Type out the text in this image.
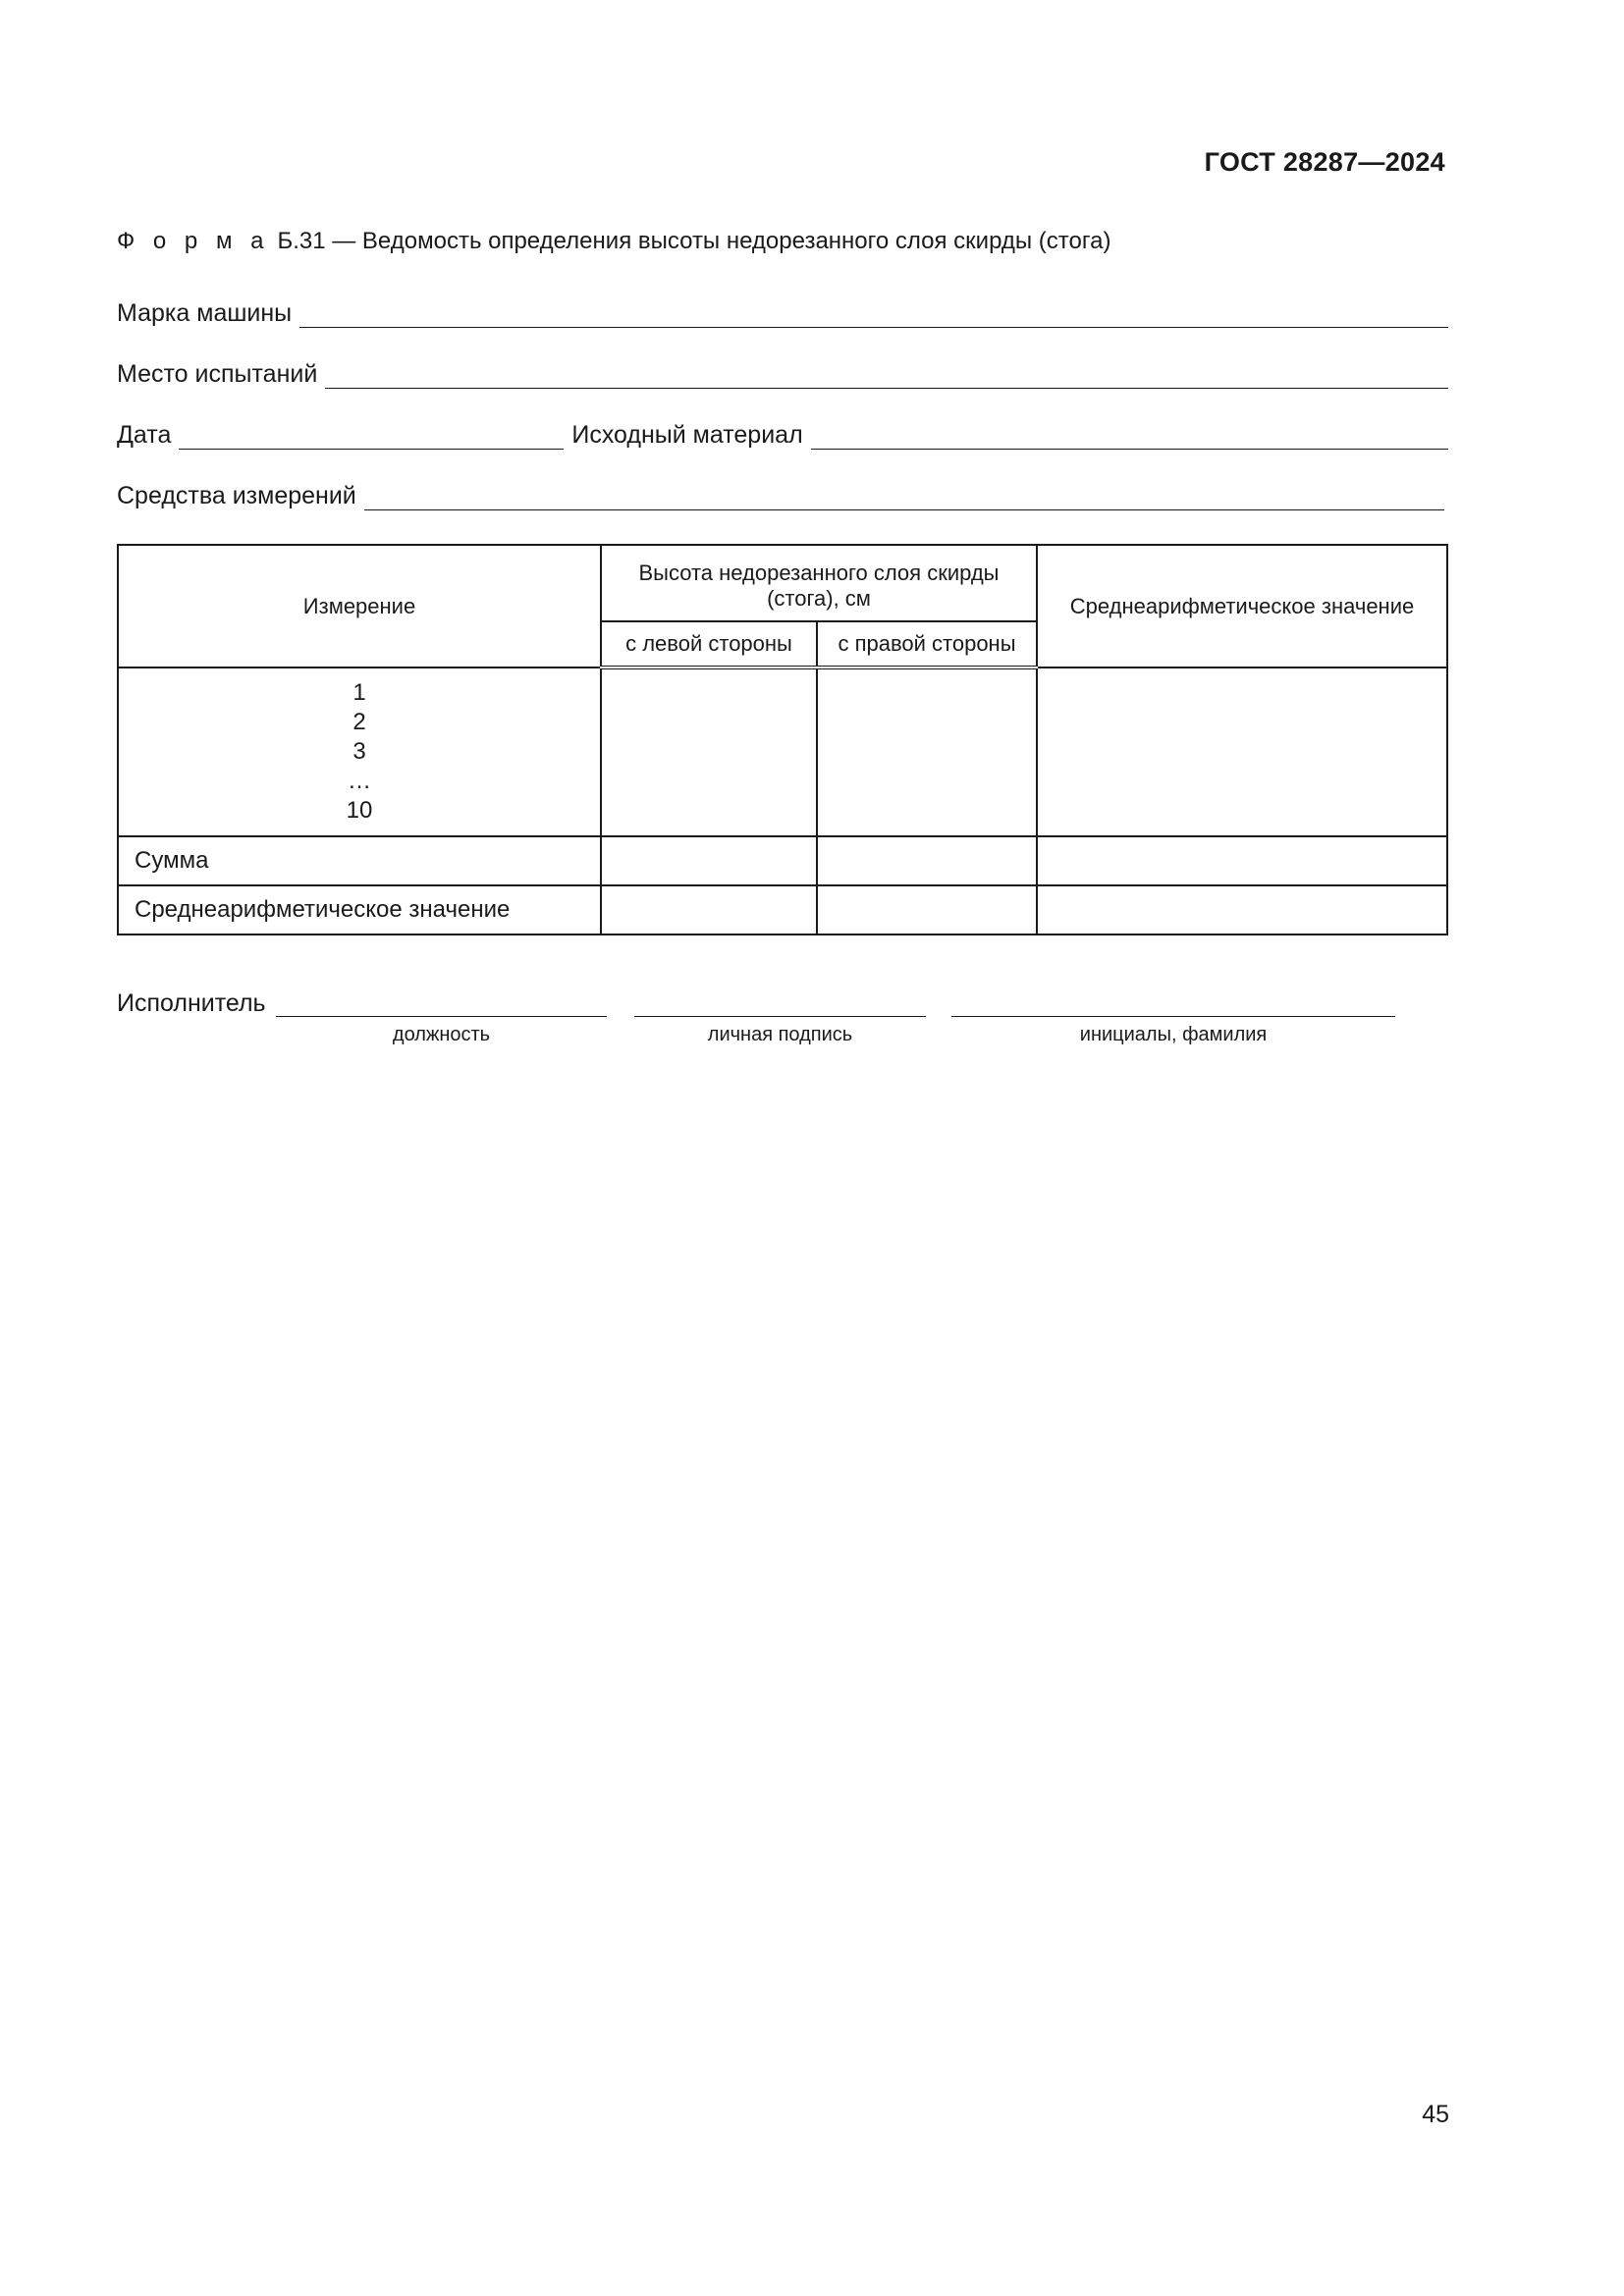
ГОСТ 28287—2024
Ф о р м а Б.31 — Ведомость определения высоты недорезанного слоя скирды (стога)
Марка машины
Место испытаний
Дата	Исходный материал
Средства измерений
Измерение	Высота недорезанного слоя скирды (стога), см		Среднеарифметическое значение
	с левой стороны	с правой стороны	

1
2
3
…
10			

Сумма			
Среднеарифметическое значение			
Исполнитель
должность	личная подпись	инициалы, фамилия
45
